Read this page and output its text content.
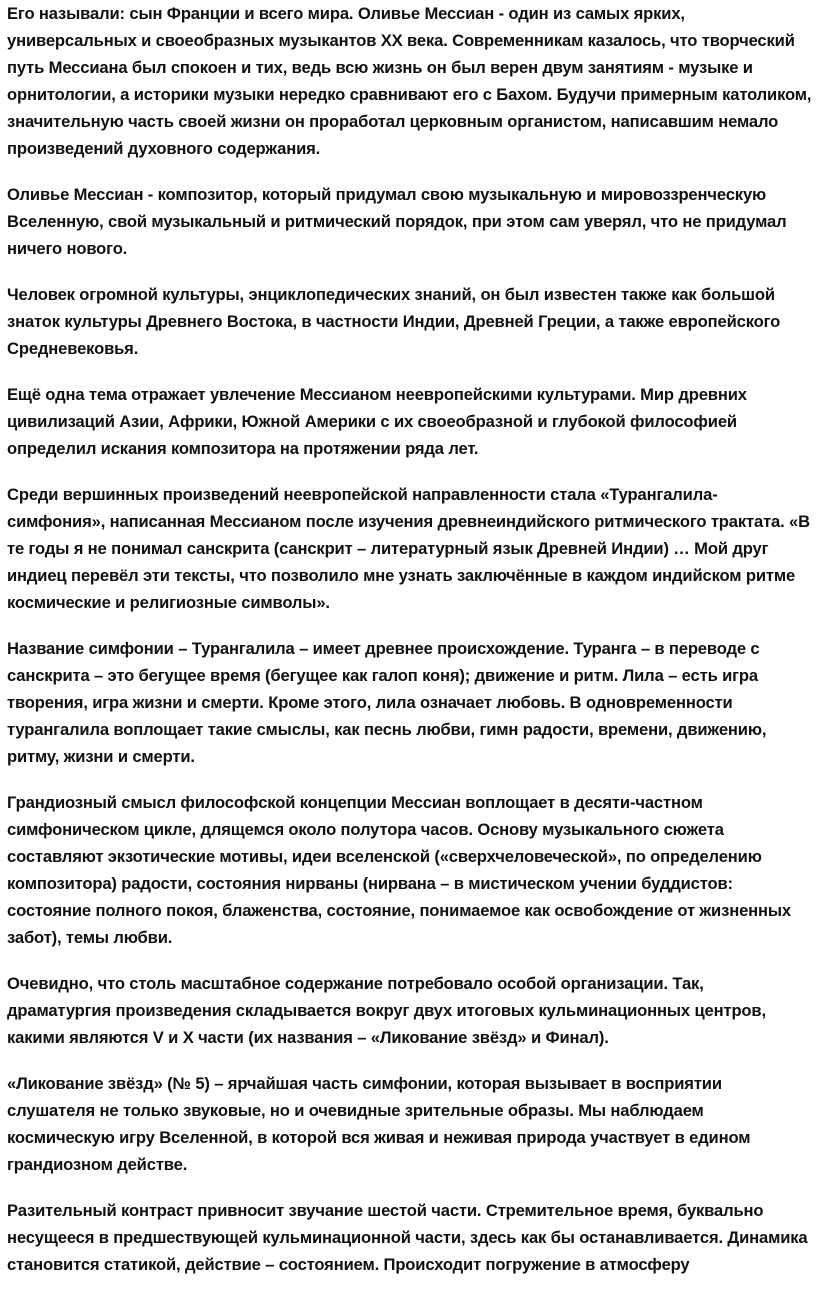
Его называли: сын Франции и всего мира. Оливье Мессиан - один из самых ярких, универсальных и своеобразных музыкантов XX века. Современникам казалось, что творческий путь Мессиана был спокоен и тих, ведь всю жизнь он был верен двум занятиям - музыке и орнитологии, а историки музыки нередко сравнивают его с Бахом. Будучи примерным католиком, значительную часть своей жизни он проработал церковным органистом, написавшим немало произведений духовного содержания.

Оливье Мессиан - композитор, который придумал свою музыкальную и мировоззренческую Вселенную, свой музыкальный и ритмический порядок, при этом сам уверял, что не придумал ничего нового.

Человек огромной культуры, энциклопедических знаний, он был известен также как большой знаток культуры Древнего Востока, в частности Индии, Древней Греции, а также европейского Средневековья.

Ещё одна тема отражает увлечение Мессианом неевропейскими культурами. Мир древних цивилизаций Азии, Африки, Южной Америки с их своеобразной и глубокой философией определил искания композитора на протяжении ряда лет.

Среди вершинных произведений неевропейской направленности стала «Турангалила-симфония», написанная Мессианом после изучения древнеиндийского ритмического трактата. «В те годы я не понимал санскрита (санскрит – литературный язык Древней Индии) … Мой друг индиец перевёл эти тексты, что позволило мне узнать заключённые в каждом индийском ритме космические и религиозные символы».

Название симфонии – Турангалила – имеет древнее происхождение. Туранга – в переводе с санскрита – это бегущее время (бегущее как галоп коня); движение и ритм. Лила – есть игра творения, игра жизни и смерти. Кроме этого, лила означает любовь. В одновременности турангалила воплощает такие смыслы, как песнь любви, гимн радости, времени, движению, ритму, жизни и смерти.

Грандиозный смысл философской концепции Мессиан воплощает в десяти-частном симфоническом цикле, длящемся около полутора часов. Основу музыкального сюжета составляют экзотические мотивы, идеи вселенской («сверхчеловеческой», по определению композитора) радости, состояния нирваны (нирвана – в мистическом учении буддистов: состояние полного покоя, блаженства, состояние, понимаемое как освобождение от жизненных забот), темы любви.

Очевидно, что столь масштабное содержание потребовало особой организации. Так, драматургия произведения складывается вокруг двух итоговых кульминационных центров, какими являются V и X части (их названия – «Ликование звёзд» и Финал).

«Ликование звёзд» (№ 5) – ярчайшая часть симфонии, которая вызывает в восприятии слушателя не только звуковые, но и очевидные зрительные образы. Мы наблюдаем космическую игру Вселенной, в которой вся живая и неживая природа участвует в едином грандиозном действе.

Разительный контраст привносит звучание шестой части. Стремительное время, буквально несущееся в предшествующей кульминационной части, здесь как бы останавливается. Динамика становится статикой, действие – состоянием. Происходит погружение в атмосферу
